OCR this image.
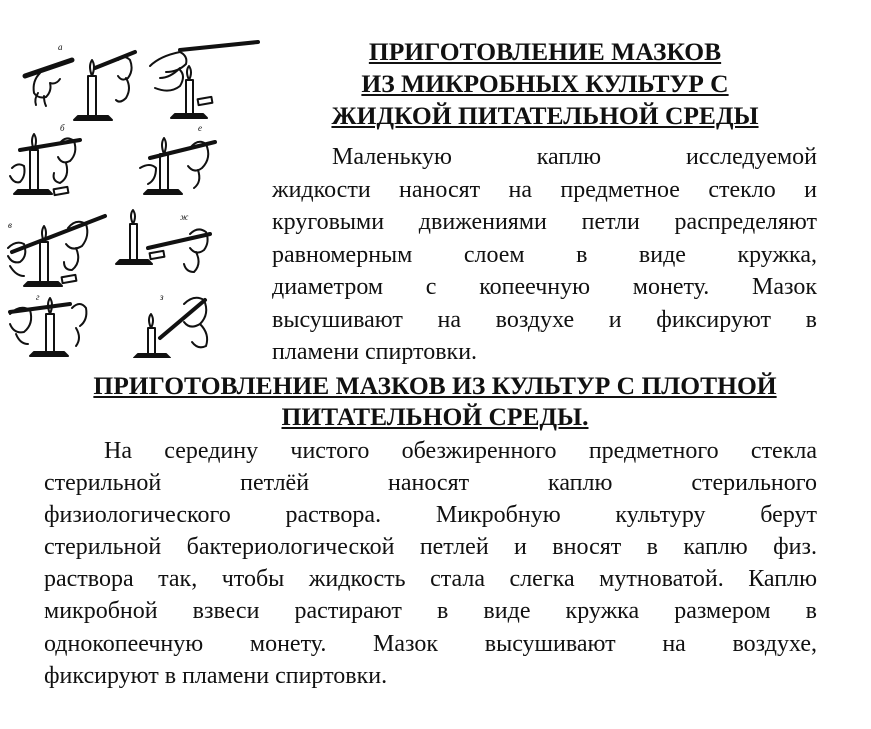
а
б	е
в
ж
г	з
ПРИГОТОВЛЕНИЕ МАЗКОВ
ИЗ МИКРОБНЫХ КУЛЬТУР С
ЖИДКОЙ ПИТАТЕЛЬНОЙ СРЕДЫ
Маленькую каплю исследуемой
жидкости наносят на предметное стекло и
круговыми движениями петли распределяют
равномерным слоем в виде кружка,
диаметром с копеечную монету. Мазок
высушивают на воздухе и фиксируют в
пламени спиртовки.
ПРИГОТОВЛЕНИЕ МАЗКОВ ИЗ КУЛЬТУР С ПЛОТНОЙ
ПИТАТЕЛЬНОЙ СРЕДЫ.
На середину чистого обезжиренного предметного стекла
стерильной петлёй наносят каплю стерильного
физиологического раствора. Микробную культуру берут
стерильной бактериологической петлей и вносят в каплю физ.
раствора так, чтобы жидкость стала слегка мутноватой. Каплю
микробной взвеси растирают в виде кружка размером в
однокопеечную монету. Мазок высушивают на воздухе,
фиксируют в пламени спиртовки.
